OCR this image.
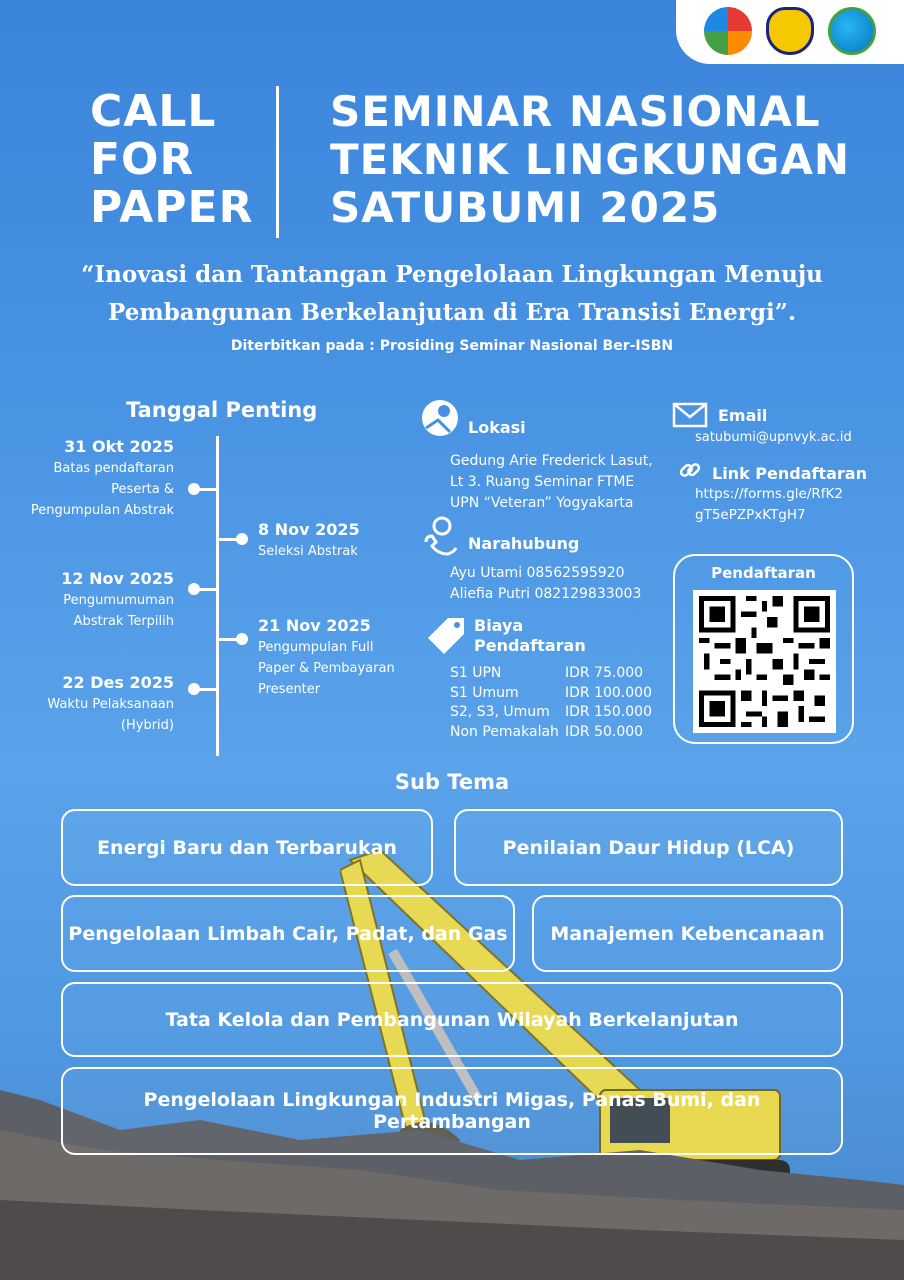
CALL
FOR
PAPER
SEMINAR NASIONAL
TEKNIK LINGKUNGAN
SATUBUMI 2025
“Inovasi dan Tantangan Pengelolaan Lingkungan Menuju
Pembangunan Berkelanjutan di Era Transisi Energi”.
Diterbitkan pada : Prosiding Seminar Nasional Ber-ISBN
Tanggal Penting
31 Okt 2025
Batas pendaftaran
Peserta &
Pengumpulan Abstrak
8 Nov 2025
Seleksi Abstrak
12 Nov 2025
Pengumumuman
Abstrak Terpilih	21 Nov 2025
Pengumpulan Full
Paper & Pembayaran
Presenter
22 Des 2025
Waktu Pelaksanaan
(Hybrid)
Lokasi
Gedung Arie Frederick Lasut,
Lt 3. Ruang Seminar FTME
UPN “Veteran” Yogyakarta
Narahubung
Ayu Utami 08562595920
Aliefia Putri 082129833003
Biaya
Pendaftaran
S1 UPN	IDR 75.000
S1 Umum	IDR 100.000
S2, S3, Umum	IDR 150.000
Non Pemakalah IDR 50.000
Email
satubumi@upnvyk.ac.id
Link Pendaftaran
https://forms.gle/RfK2
gT5ePZPxKTgH7
Pendaftaran
Sub Tema
Energi Baru dan Terbarukan	Penilaian Daur Hidup (LCA)
Pengelolaan Limbah Cair, Padat, dan Gas	Manajemen Kebencanaan
Tata Kelola dan Pembangunan Wilayah Berkelanjutan
Pengelolaan Lingkungan Industri Migas, Panas Bumi, dan Pertambangan
